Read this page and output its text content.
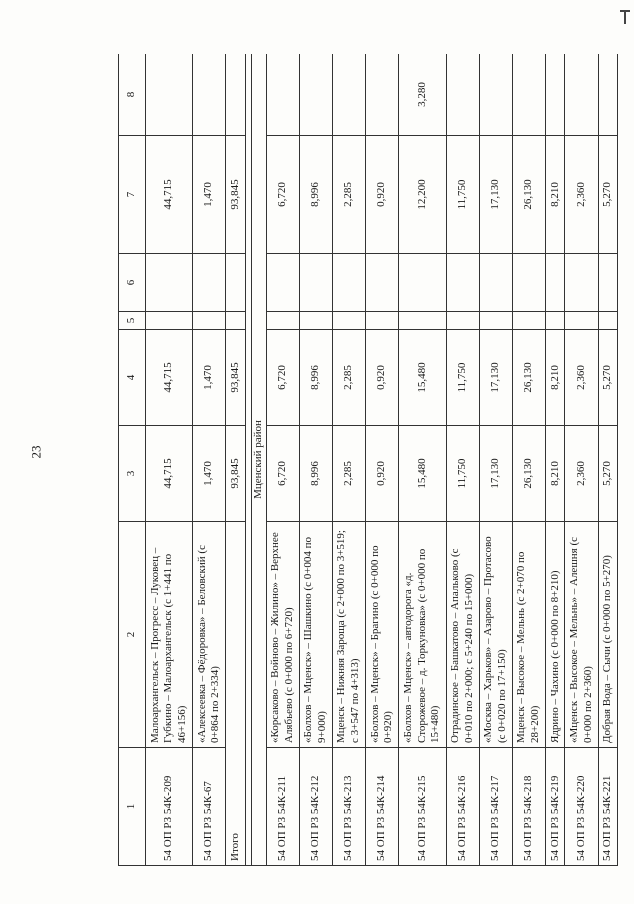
23
1	2	3	4	5	6	7	8
54 ОП РЗ 54К-209	Малоархангельск – Прогресс – Луковец – Губкино – Малоархангельск (с 1+441 по 46+156)	44,715	44,715			44,715	
54 ОП РЗ 54К-67	«Алексеевка – Фёдоровка» – Беловский (с 0+864 по 2+334)	1,470	1,470			1,470	
Итого		93,845	93,845			93,845	

Мценский район							
54 ОП РЗ 54К-211	«Корсаково – Войново – Жилино» – Верхнее Алябьево (с 0+000 по 6+720)	6,720	6,720			6,720	
54 ОП РЗ 54К-212	«Болхов – Мценск» – Шашкино (с 0+004 по 9+000)	8,996	8,996			8,996	
54 ОП РЗ 54К-213	Мценск – Нижняя Зароща (с 2+000 по 3+519; с 3+547 по 4+313)	2,285	2,285			2,285	
54 ОП РЗ 54К-214	«Болхов – Мценск» – Брагино (с 0+000 по 0+920)	0,920	0,920			0,920	
54 ОП РЗ 54К-215	«Болхов – Мценск» – автодорога «д. Сторожевое – д. Торкуновка» (с 0+000 по 15+480)	15,480	15,480			12,200	3,280
54 ОП РЗ 54К-216	Отрадинское – Башкатово – Апальково (с 0+010 по 2+000; с 5+240 по 15+000)	11,750	11,750			11,750	
54 ОП РЗ 54К-217	«Москва – Харьков» – Азарово – Протасово (с 0+020 по 17+150)	17,130	17,130			17,130	
54 ОП РЗ 54К-218	Мценск – Высокое – Мельнь (с 2+070 по 28+200)	26,130	26,130			26,130	
54 ОП РЗ 54К-219	Ядрино – Чахино (с 0+000 по 8+210)	8,210	8,210			8,210	
54 ОП РЗ 54К-220	«Мценск – Высокое – Мельнь» – Алешня (с 0+000 по 2+360)	2,360	2,360			2,360	
54 ОП РЗ 54К-221	Добрая Вода – Сычи (с 0+000 по 5+270)	5,270	5,270			5,270	
